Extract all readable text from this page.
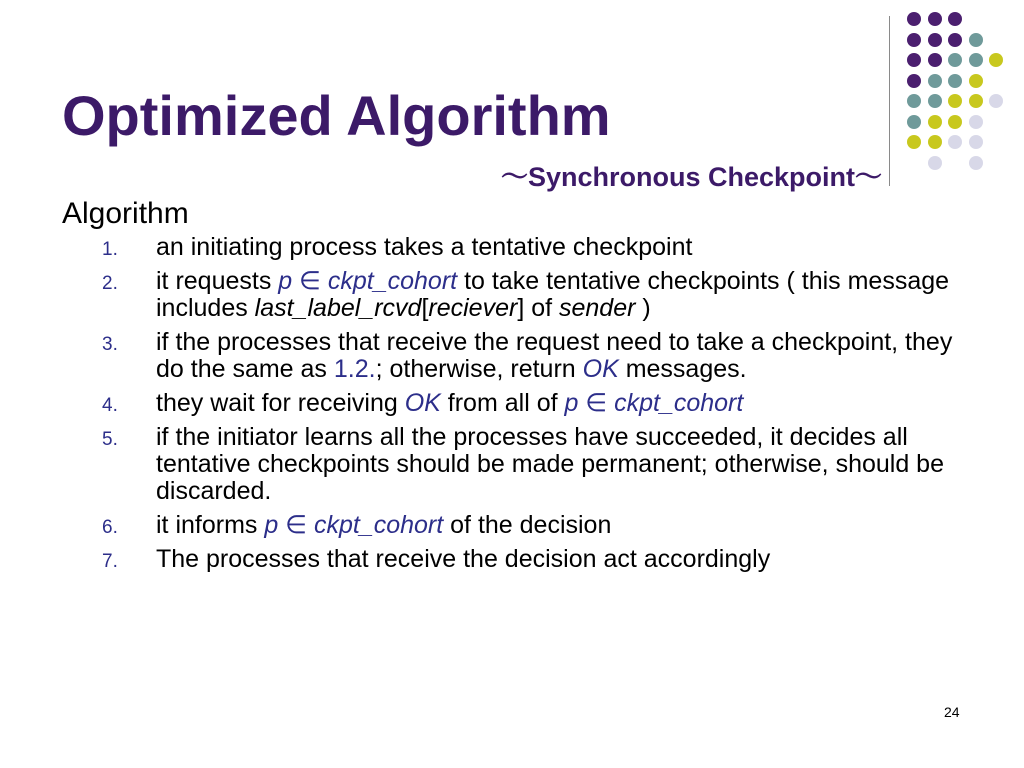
Optimized Algorithm
～Synchronous Checkpoint～
Algorithm
1. an initiating process takes a tentative checkpoint
2. it requests p ∈ ckpt_cohort to take tentative checkpoints ( this message includes last_label_rcvd[reciever] of sender )
3. if the processes that receive the request need to take a checkpoint, they do the same as 1.2.; otherwise, return OK messages.
4. they wait for receiving OK from all of p ∈ ckpt_cohort
5. if the initiator learns all the processes have succeeded, it decides all tentative checkpoints should be made permanent; otherwise, should be discarded.
6. it informs p ∈ ckpt_cohort of the decision
7. The processes that receive the decision act accordingly
24
